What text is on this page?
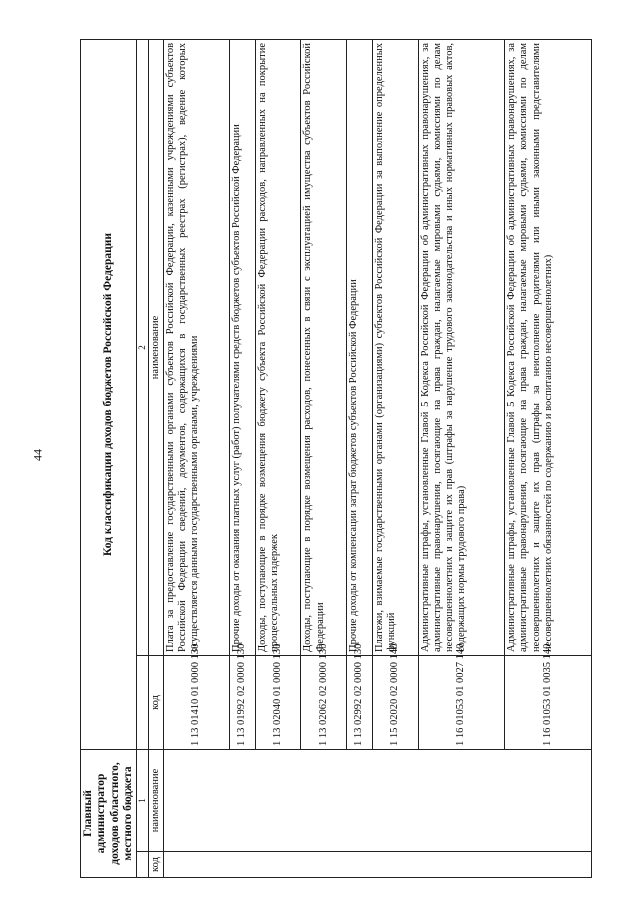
44
Главный администратор доходов областного, местного бюджета		Код классификации доходов бюджетов Российской Федерации	
	1		2
код	наименование	код	наименование
		1 13 01410 01 0000 130	Плата за предоставление государственными органами субъектов Российской Федерации, казенными учреждениями субъектов Российской Федерации сведений, документов, содержащихся в государственных реестрах (регистрах), ведение которых осуществляется данными государственными органами, учреждениями
		1 13 01992 02 0000 130	Прочие доходы от оказания платных услуг (работ) получателями средств бюджетов субъектов Российской Федерации
		1 13 02040 01 0000 130	Доходы, поступающие в порядке возмещения бюджету субъекта Российской Федерации расходов, направленных на покрытие процессуальных издержек
		1 13 02062 02 0000 130	Доходы, поступающие в порядке возмещения расходов, понесенных в связи с эксплуатацией имущества субъектов Российской Федерации
		1 13 02992 02 0000 130	Прочие доходы от компенсации затрат бюджетов субъектов Российской Федерации
		1 15 02020 02 0000 140	Платежи, взимаемые государственными органами (организациями) субъектов Российской Федерации за выполнение определенных функций
		1 16 01053 01 0027 140	Административные штрафы, установленные Главой 5 Кодекса Российской Федерации об административных правонарушениях, за административные правонарушения, посягающие на права граждан, налагаемые мировыми судьями, комиссиями по делам несовершеннолетних и защите их прав (штрафы за нарушение трудового законодательства и иных нормативных правовых актов, содержащих нормы трудового права)
		1 16 01053 01 0035 140	Административные штрафы, установленные Главой 5 Кодекса Российской Федерации об административных правонарушениях, за административные правонарушения, посягающие на права граждан, налагаемые мировыми судьями, комиссиями по делам несовершеннолетних и защите их прав (штрафы за неисполнение родителями или иными законными представителями несовершеннолетних обязанностей по содержанию и воспитанию несовершеннолетних)
